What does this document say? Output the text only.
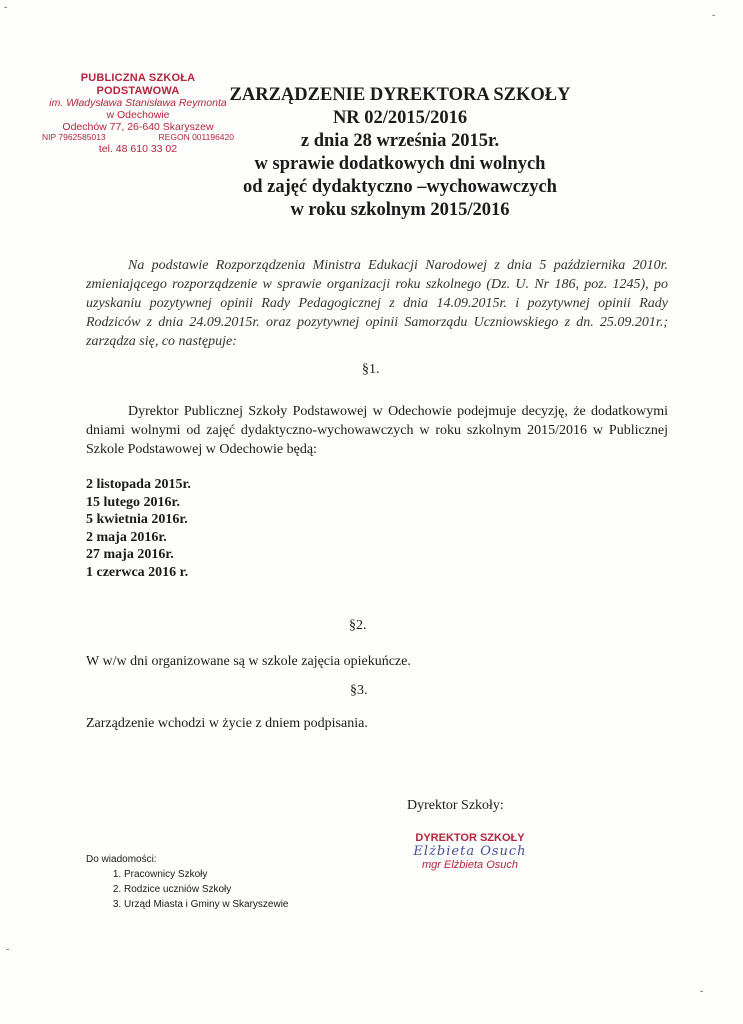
˘
˘
PUBLICZNA SZKOŁA PODSTAWOWA
im. Władysława Stanisława Reymonta
w Odechowie
Odechów 77, 26-640 Skaryszew
NIP 7962585013	REGON 001196420
tel. 48 610 33 02
ZARZĄDZENIE DYREKTORA SZKOŁY
NR 02/2015/2016
z dnia 28 września 2015r.
w sprawie dodatkowych dni wolnych
od zajęć dydaktyczno –wychowawczych
w roku szkolnym 2015/2016
Na podstawie Rozporządzenia Ministra Edukacji Narodowej z dnia 5 października 2010r. zmieniającego rozporządzenie w sprawie organizacji roku szkolnego (Dz. U. Nr 186, poz. 1245), po uzyskaniu pozytywnej opinii Rady Pedagogicznej z dnia 14.09.2015r. i pozytywnej opinii Rady Rodziców z dnia 24.09.2015r. oraz pozytywnej opinii Samorządu Uczniowskiego z dn. 25.09.201r.; zarządza się, co następuje:
§1.
Dyrektor Publicznej Szkoły Podstawowej w Odechowie podejmuje decyzję, że dodatkowymi dniami wolnymi od zajęć dydaktyczno-wychowawczych w roku szkolnym 2015/2016 w Publicznej Szkole Podstawowej w Odechowie będą:
2 listopada 2015r.
15 lutego 2016r.
5 kwietnia 2016r.
2 maja 2016r.
27 maja 2016r.
1 czerwca 2016 r.
§2.
W w/w dni organizowane są w szkole zajęcia opiekuńcze.
§3.
Zarządzenie wchodzi w życie z dniem podpisania.
Dyrektor Szkoły:
DYREKTOR SZKOŁY
Elżbieta Osuch
mgr Elżbieta Osuch
Do wiadomości:
1. Pracownicy Szkoły
2. Rodzice uczniów Szkoły
3. Urząd Miasta i Gminy w Skaryszewie
ˇ
ˇ
